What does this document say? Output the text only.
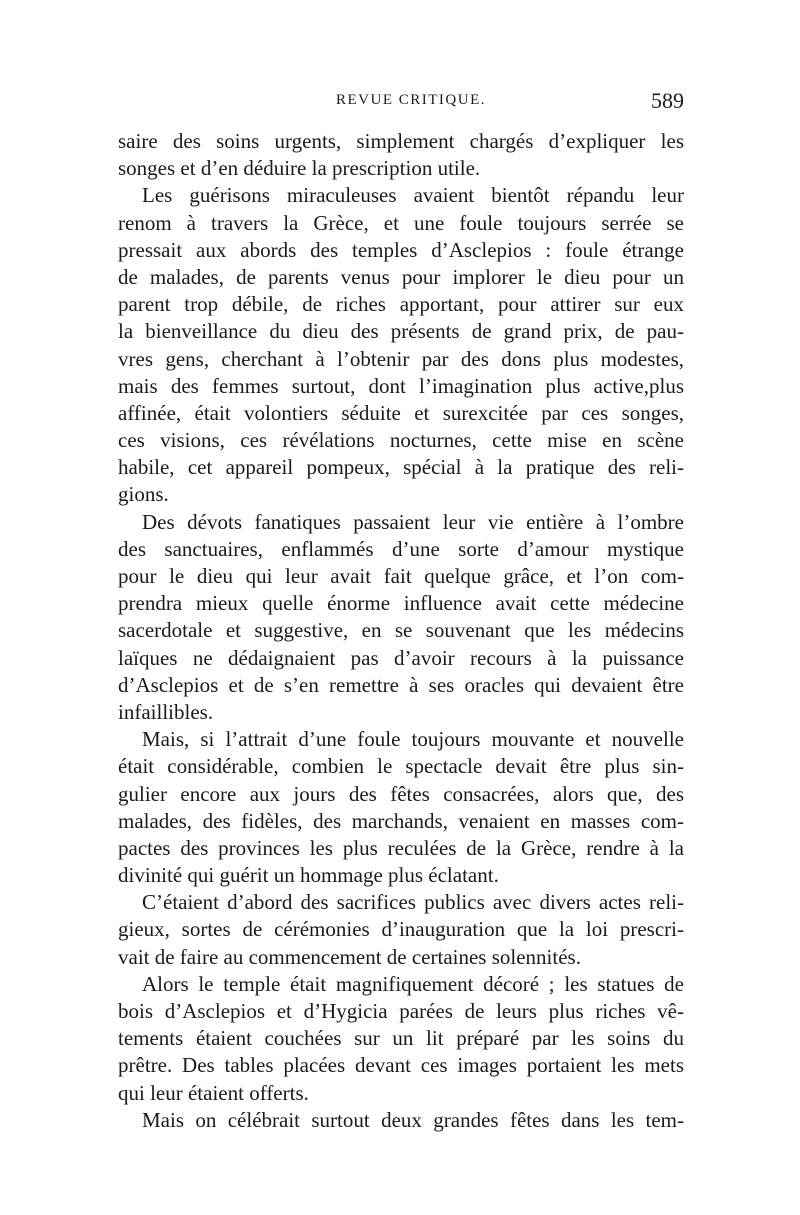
REVUE CRITIQUE.	589
saire des soins urgents, simplement chargés d’expliquer les
songes et d’en déduire la prescription utile.
Les guérisons miraculeuses avaient bientôt répandu leur
renom à travers la Grèce, et une foule toujours serrée se
pressait aux abords des temples d’Asclepios : foule étrange
de malades, de parents venus pour implorer le dieu pour un
parent trop débile, de riches apportant, pour attirer sur eux
la bienveillance du dieu des présents de grand prix, de pau-
vres gens, cherchant à l’obtenir par des dons plus modestes,
mais des femmes surtout, dont l’imagination plus active,plus
affinée, était volontiers séduite et surexcitée par ces songes,
ces visions, ces révélations nocturnes, cette mise en scène
habile, cet appareil pompeux, spécial à la pratique des reli-
gions.
Des dévots fanatiques passaient leur vie entière à l’ombre
des sanctuaires, enflammés d’une sorte d’amour mystique
pour le dieu qui leur avait fait quelque grâce, et l’on com-
prendra mieux quelle énorme influence avait cette médecine
sacerdotale et suggestive, en se souvenant que les médecins
laïques ne dédaignaient pas d’avoir recours à la puissance
d’Asclepios et de s’en remettre à ses oracles qui devaient être
infaillibles.
Mais, si l’attrait d’une foule toujours mouvante et nouvelle
était considérable, combien le spectacle devait être plus sin-
gulier encore aux jours des fêtes consacrées, alors que, des
malades, des fidèles, des marchands, venaient en masses com-
pactes des provinces les plus reculées de la Grèce, rendre à la
divinité qui guérit un hommage plus éclatant.
C’étaient d’abord des sacrifices publics avec divers actes reli-
gieux, sortes de cérémonies d’inauguration que la loi prescri-
vait de faire au commencement de certaines solennités.
Alors le temple était magnifiquement décoré ; les statues de
bois d’Asclepios et d’Hygicia parées de leurs plus riches vê-
tements étaient couchées sur un lit préparé par les soins du
prêtre. Des tables placées devant ces images portaient les mets
qui leur étaient offerts.
Mais on célébrait surtout deux grandes fêtes dans les tem-
